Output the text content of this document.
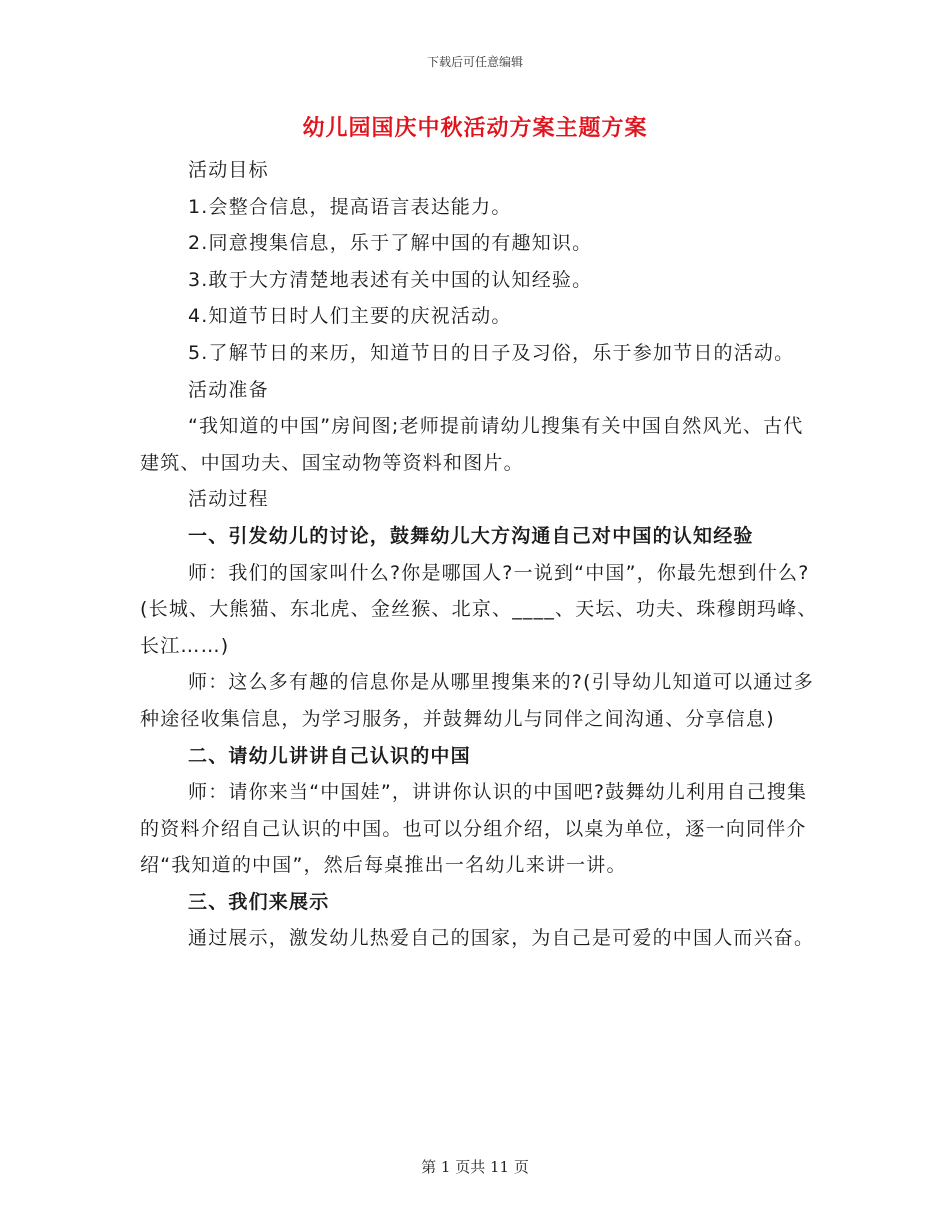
下载后可任意编辑
幼儿园国庆中秋活动方案主题方案

活动目标

1.会整合信息，提高语言表达能力。

2.同意搜集信息，乐于了解中国的有趣知识。

3.敢于大方清楚地表述有关中国的认知经验。

4.知道节日时人们主要的庆祝活动。

5.了解节日的来历，知道节日的日子及习俗，乐于参加节日的活动。

活动准备

“我知道的中国”房间图;老师提前请幼儿搜集有关中国自然风光、古代建筑、中国功夫、国宝动物等资料和图片。

活动过程

一、引发幼儿的讨论，鼓舞幼儿大方沟通自己对中国的认知经验

师：我们的国家叫什么?你是哪国人?一说到“中国”，你最先想到什么?(长城、大熊猫、东北虎、金丝猴、北京、____、天坛、功夫、珠穆朗玛峰、长江……)

师：这么多有趣的信息你是从哪里搜集来的?(引导幼儿知道可以通过多种途径收集信息，为学习服务，并鼓舞幼儿与同伴之间沟通、分享信息)

二、请幼儿讲讲自己认识的中国

师：请你来当“中国娃”，讲讲你认识的中国吧?鼓舞幼儿利用自己搜集的资料介绍自己认识的中国。也可以分组介绍，以桌为单位，逐一向同伴介绍“我知道的中国”，然后每桌推出一名幼儿来讲一讲。

三、我们来展示

通过展示，激发幼儿热爱自己的国家，为自己是可爱的中国人而兴奋。

第 1 页共 11 页
